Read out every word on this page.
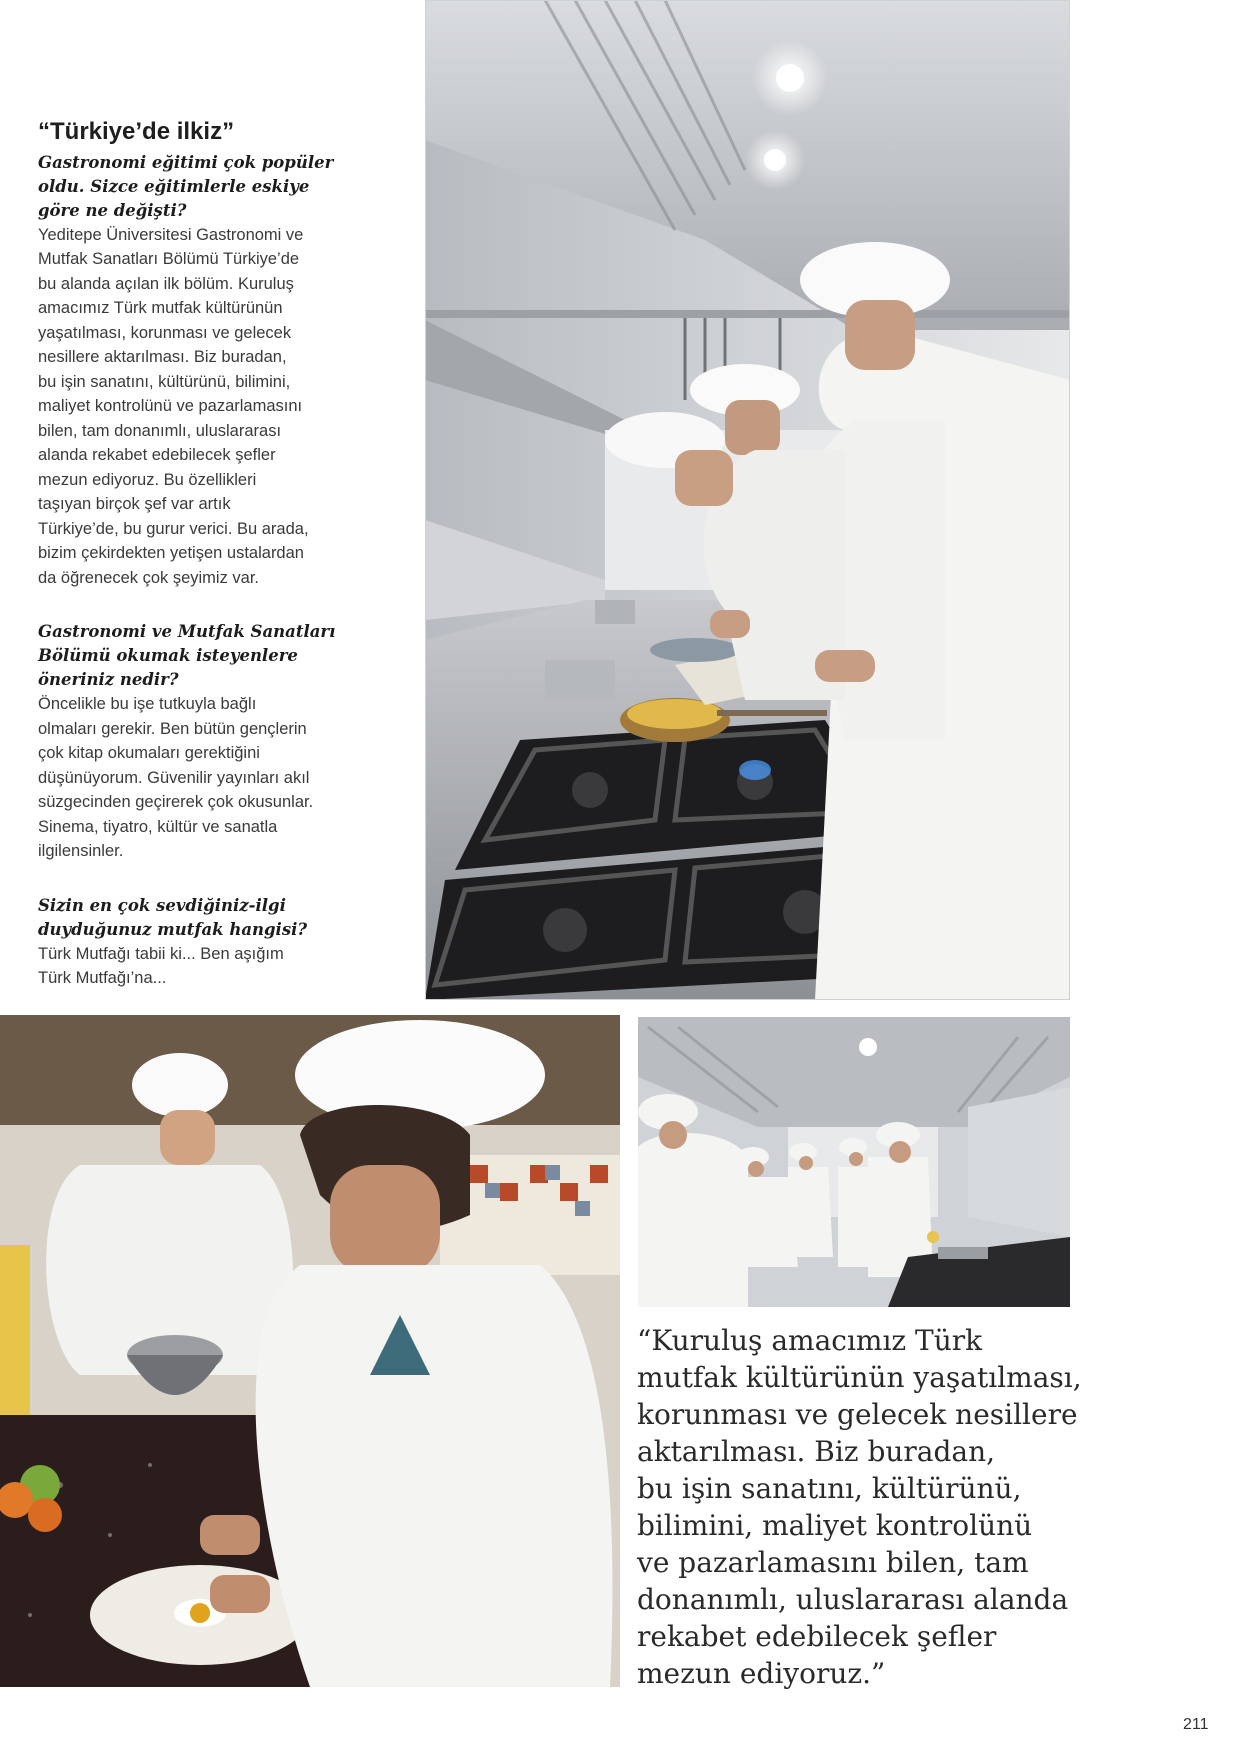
“Türkiye’de ilkiz”

Gastronomi eğitimi çok popüler
oldu. Sizce eğitimlerle eskiye
göre ne değişti?

Yeditepe Üniversitesi Gastronomi ve
Mutfak Sanatları Bölümü Türkiye’de
bu alanda açılan ilk bölüm. Kuruluş
amacımız Türk mutfak kültürünün
yaşatılması, korunması ve gelecek
nesillere aktarılması. Biz buradan,
bu işin sanatını, kültürünü, bilimini,
maliyet kontrolünü ve pazarlamasını
bilen, tam donanımlı, uluslararası
alanda rekabet edebilecek şefler
mezun ediyoruz. Bu özellikleri
taşıyan birçok şef var artık
Türkiye’de, bu gurur verici. Bu arada,
bizim çekirdekten yetişen ustalardan
da öğrenecek çok şeyimiz var.

Gastronomi ve Mutfak Sanatları
Bölümü okumak isteyenlere
öneriniz nedir?

Öncelikle bu işe tutkuyla bağlı
olmaları gerekir. Ben bütün gençlerin
çok kitap okumaları gerektiğini
düşünüyorum. Güvenilir yayınları akıl
süzgecinden geçirerek çok okusunlar.
Sinema, tiyatro, kültür ve sanatla
ilgilensinler.

Sizin en çok sevdiğiniz-ilgi
duyduğunuz mutfak hangisi?

Türk Mutfağı tabii ki... Ben aşığım
Türk Mutfağı’na...

“Kuruluş amacımız Türk
mutfak kültürünün yaşatılması,
korunması ve gelecek nesillere
aktarılması. Biz buradan,
bu işin sanatını, kültürünü,
bilimini, maliyet kontrolünü
ve pazarlamasını bilen, tam
donanımlı, uluslararası alanda
rekabet edebilecek şefler
mezun ediyoruz.”

211
